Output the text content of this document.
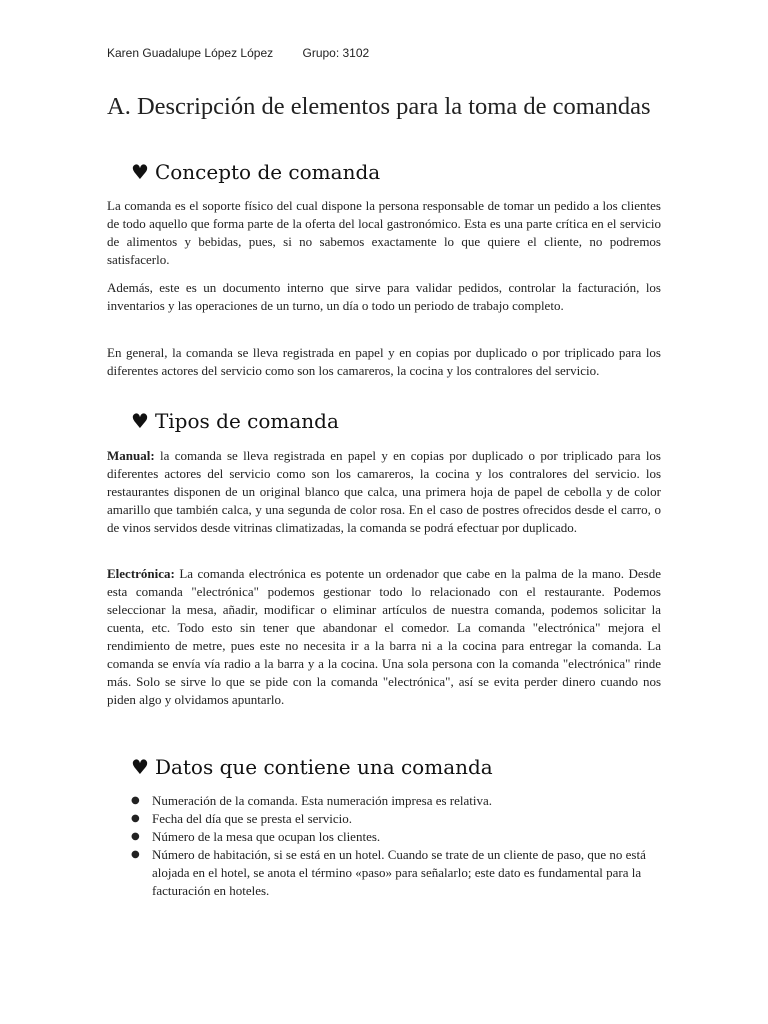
Karen Guadalupe López López Grupo: 3102
A. Descripción de elementos para la toma de comandas
♥ Concepto de comanda

La comanda es el soporte físico del cual dispone la persona responsable de tomar un pedido a los clientes de todo aquello que forma parte de la oferta del local gastronómico. Esta es una parte crítica en el servicio de alimentos y bebidas, pues, si no sabemos exactamente lo que quiere el cliente, no podremos satisfacerlo.

Además, este es un documento interno que sirve para validar pedidos, controlar la facturación, los inventarios y las operaciones de un turno, un día o todo un periodo de trabajo completo.

En general, la comanda se lleva registrada en papel y en copias por duplicado o por triplicado para los diferentes actores del servicio como son los camareros, la cocina y los contralores del servicio.

♥ Tipos de comanda

Manual: la comanda se lleva registrada en papel y en copias por duplicado o por triplicado para los diferentes actores del servicio como son los camareros, la cocina y los contralores del servicio. los restaurantes disponen de un original blanco que calca, una primera hoja de papel de cebolla y de color amarillo que también calca, y una segunda de color rosa. En el caso de postres ofrecidos desde el carro, o de vinos servidos desde vitrinas climatizadas, la comanda se podrá efectuar por duplicado.

Electrónica: La comanda electrónica es potente un ordenador que cabe en la palma de la mano. Desde esta comanda "electrónica" podemos gestionar todo lo relacionado con el restaurante. Podemos seleccionar la mesa, añadir, modificar o eliminar artículos de nuestra comanda, podemos solicitar la cuenta, etc. Todo esto sin tener que abandonar el comedor. La comanda "electrónica" mejora el rendimiento de metre, pues este no necesita ir a la barra ni a la cocina para entregar la comanda. La comanda se envía vía radio a la barra y a la cocina. Una sola persona con la comanda "electrónica" rinde más. Solo se sirve lo que se pide con la comanda "electrónica", así se evita perder dinero cuando nos piden algo y olvidamos apuntarlo.

♥ Datos que contiene una comanda
● Numeración de la comanda. Esta numeración impresa es relativa.
● Fecha del día que se presta el servicio.
● Número de la mesa que ocupan los clientes.
● Número de habitación, si se está en un hotel. Cuando se trate de un cliente de paso, que no está alojada en el hotel, se anota el término «paso» para señalarlo; este dato es fundamental para la facturación en hoteles.
